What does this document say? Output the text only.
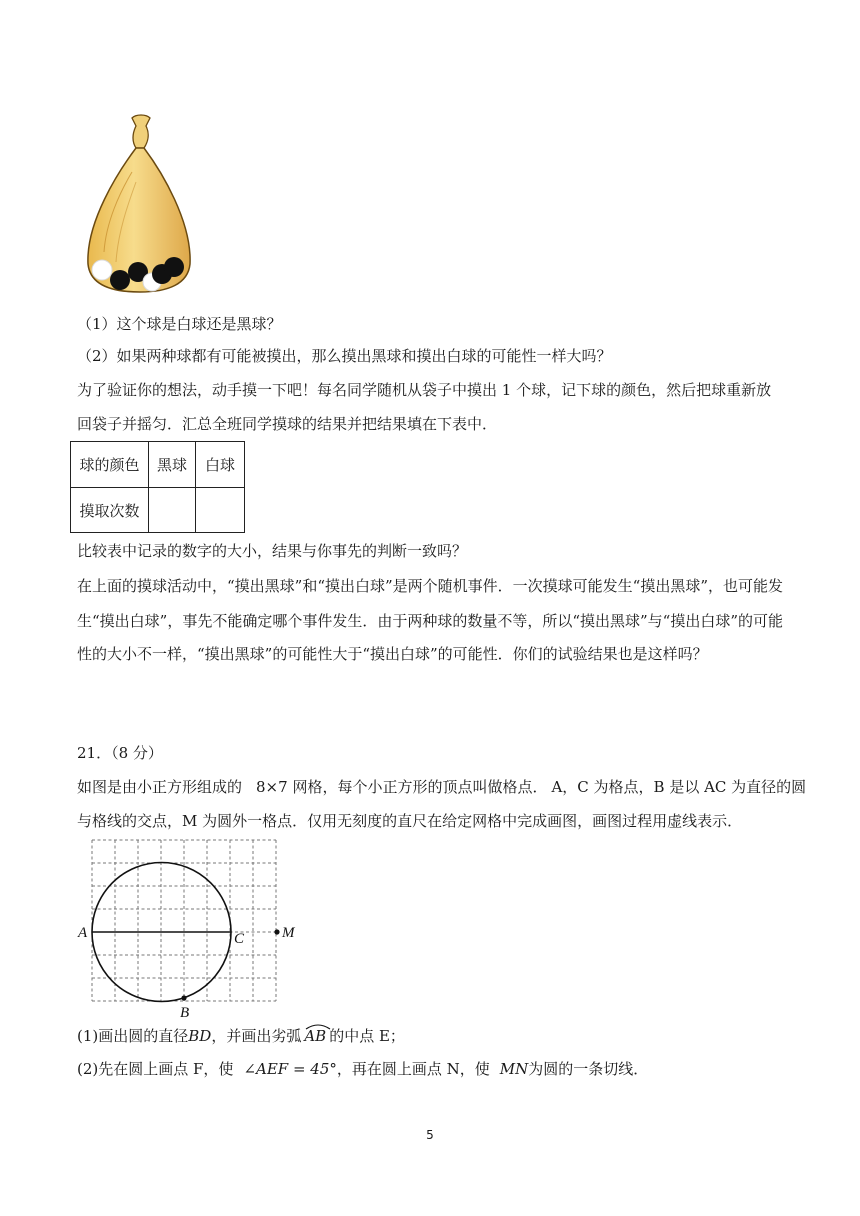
（1）这个球是白球还是黑球？
（2）如果两种球都有可能被摸出，那么摸出黑球和摸出白球的可能性一样大吗？
为了验证你的想法，动手摸一下吧！每名同学随机从袋子中摸出 1 个球，记下球的颜色，然后把球重新放
回袋子并摇匀．汇总全班同学摸球的结果并把结果填在下表中．
球的颜色	黑球	白球
摸取次数		
比较表中记录的数字的大小，结果与你事先的判断一致吗？
在上面的摸球活动中，“摸出黑球”和“摸出白球”是两个随机事件．一次摸球可能发生“摸出黑球”，也可能发
生“摸出白球”，事先不能确定哪个事件发生．由于两种球的数量不等，所以“摸出黑球”与“摸出白球”的可能
性的大小不一样，“摸出黑球”的可能性大于“摸出白球”的可能性．你们的试验结果也是这样吗？
21．（8 分）
如图是由小正方形组成的 8×7 网格，每个小正方形的顶点叫做格点． A，C 为格点，B 是以 AC 为直径的圆
与格线的交点，M 为圆外一格点．仅用无刻度的直尺在给定网格中完成画图，画图过程用虚线表示．
A	C	M
B
(1)画出圆的直径BD，并画出劣弧 AB 的中点 E；
(2)先在圆上画点 F，使 ∠AEF = 45°，再在圆上画点 N，使 MN为圆的一条切线．
5
